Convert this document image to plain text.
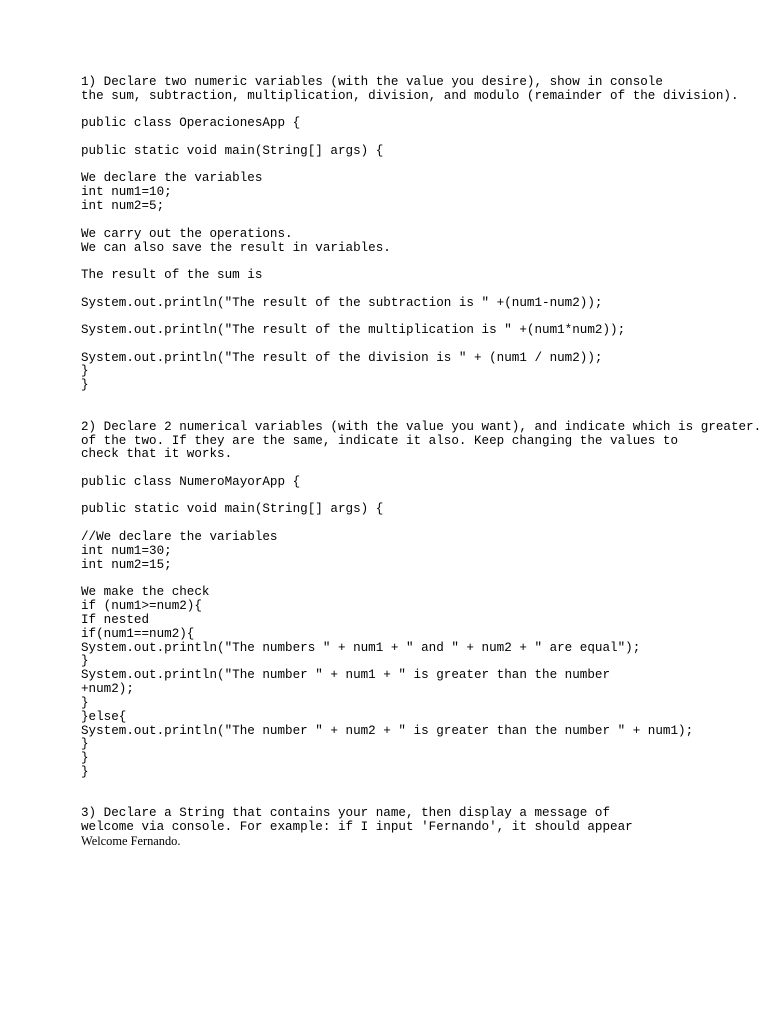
1) Declare two numeric variables (with the value you desire), show in console
the sum, subtraction, multiplication, division, and modulo (remainder of the division).
public class OperacionesApp {
public static void main(String[] args) {
We declare the variables
int num1=10;
int num2=5;
We carry out the operations.
We can also save the result in variables.
The result of the sum is
System.out.println("The result of the subtraction is " +(num1-num2));
System.out.println("The result of the multiplication is " +(num1*num2));
System.out.println("The result of the division is " + (num1 / num2));
}
}
2) Declare 2 numerical variables (with the value you want), and indicate which is greater.
of the two. If they are the same, indicate it also. Keep changing the values to
check that it works.
public class NumeroMayorApp {
public static void main(String[] args) {
//We declare the variables
int num1=30;
int num2=15;
We make the check
if (num1>=num2){
If nested
if(num1==num2){
System.out.println("The numbers " + num1 + " and " + num2 + " are equal");
}
System.out.println("The number " + num1 + " is greater than the number
+num2);
}
}else{
System.out.println("The number " + num2 + " is greater than the number " + num1);
}
}
}
3) Declare a String that contains your name, then display a message of
welcome via console. For example: if I input 'Fernando', it should appear
Welcome Fernando.
